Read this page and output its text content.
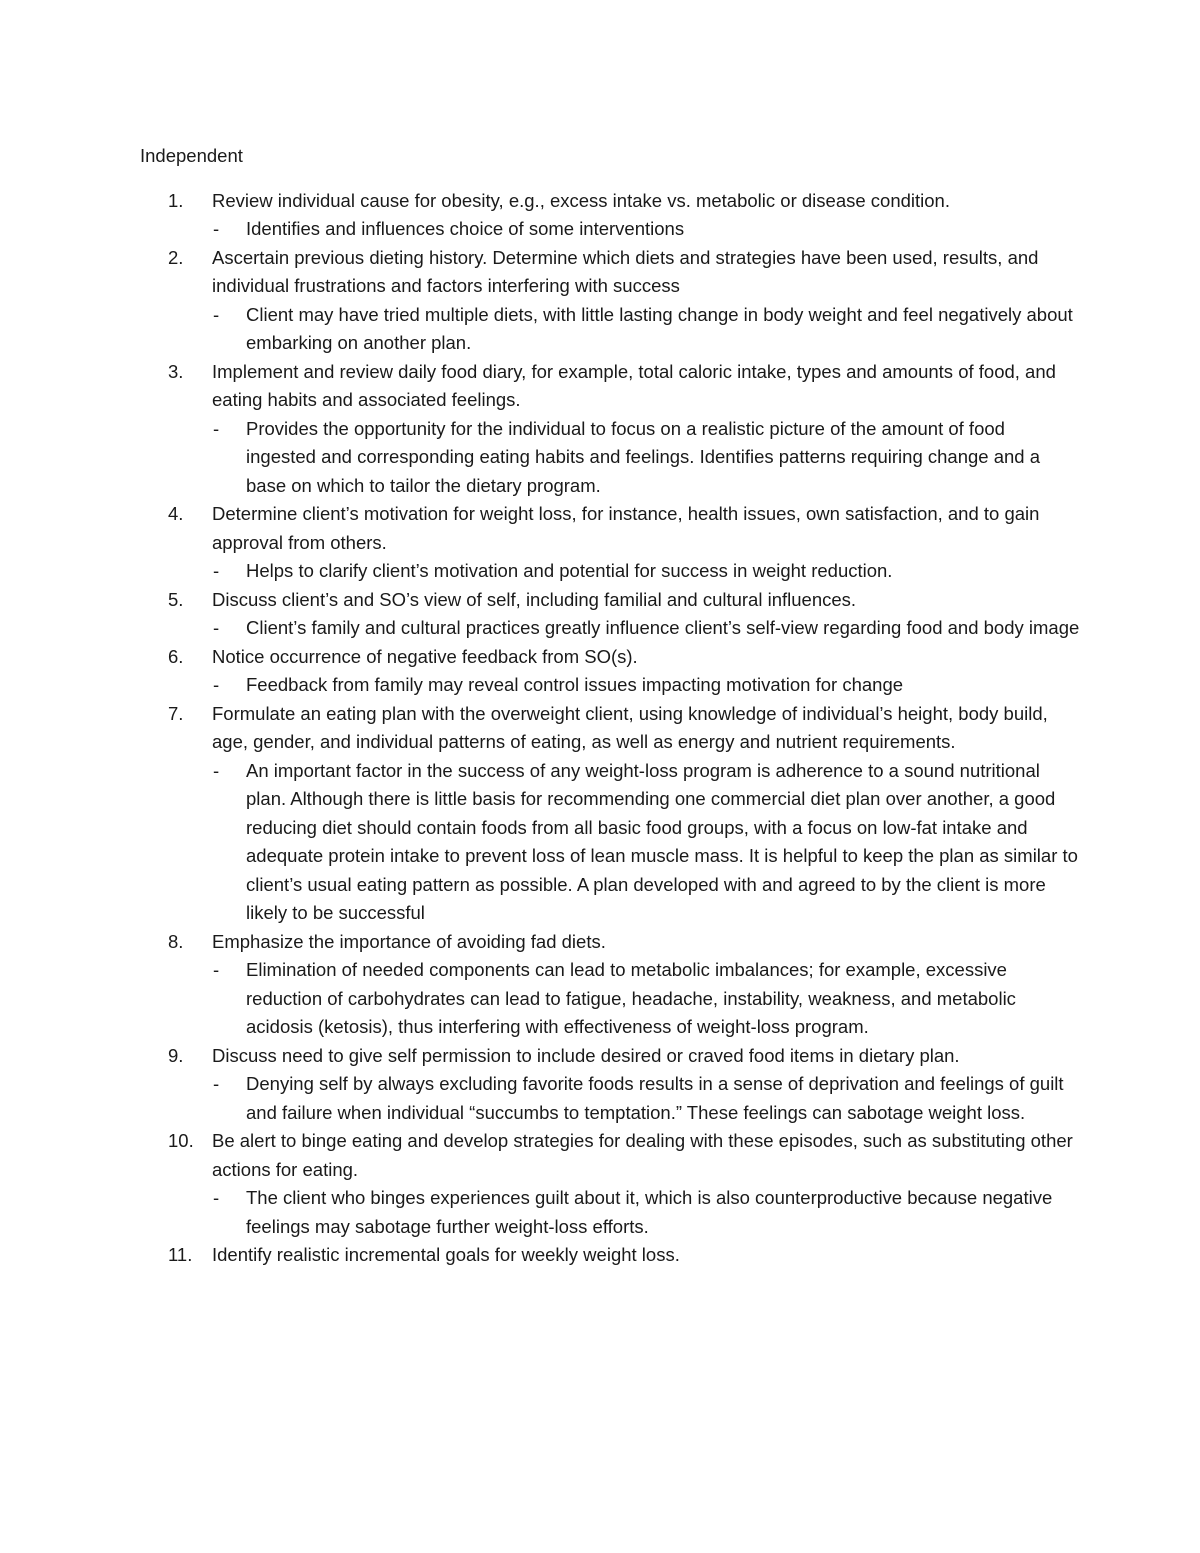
Independent
1.	Review individual cause for obesity, e.g., excess intake vs. metabolic or disease condition.
- Identifies and influences choice of some interventions
2.	Ascertain previous dieting history. Determine which diets and strategies have been used, results, and individual frustrations and factors interfering with success
- Client may have tried multiple diets, with little lasting change in body weight and feel negatively about embarking on another plan.
3.	Implement and review daily food diary, for example, total caloric intake, types and amounts of food, and eating habits and associated feelings.
- Provides the opportunity for the individual to focus on a realistic picture of the amount of food ingested and corresponding eating habits and feelings. Identifies patterns requiring change and a base on which to tailor the dietary program.
4.	Determine client’s motivation for weight loss, for instance, health issues, own satisfaction, and to gain approval from others.
- Helps to clarify client’s motivation and potential for success in weight reduction.
5.	Discuss client’s and SO’s view of self, including familial and cultural influences.
- Client’s family and cultural practices greatly influence client’s self-view regarding food and body image
6.	Notice occurrence of negative feedback from SO(s).
- Feedback from family may reveal control issues impacting motivation for change
7.	Formulate an eating plan with the overweight client, using knowledge of individual’s height, body build, age, gender, and individual patterns of eating, as well as energy and nutrient requirements.
- An important factor in the success of any weight-loss program is adherence to a sound nutritional plan. Although there is little basis for recommending one commercial diet plan over another, a good reducing diet should contain foods from all basic food groups, with a focus on low-fat intake and adequate protein intake to prevent loss of lean muscle mass. It is helpful to keep the plan as similar to client’s usual eating pattern as possible. A plan developed with and agreed to by the client is more likely to be successful
8.	Emphasize the importance of avoiding fad diets.
- Elimination of needed components can lead to metabolic imbalances; for example, excessive reduction of carbohydrates can lead to fatigue, headache, instability, weakness, and metabolic acidosis (ketosis), thus interfering with effectiveness of weight-loss program.
9.	Discuss need to give self permission to include desired or craved food items in dietary plan.
- Denying self by always excluding favorite foods results in a sense of deprivation and feelings of guilt and failure when individual “succumbs to temptation.” These feelings can sabotage weight loss.
10. Be alert to binge eating and develop strategies for dealing with these episodes, such as substituting other actions for eating.
- The client who binges experiences guilt about it, which is also counterproductive because negative feelings may sabotage further weight-loss efforts.
11.	Identify realistic incremental goals for weekly weight loss.
